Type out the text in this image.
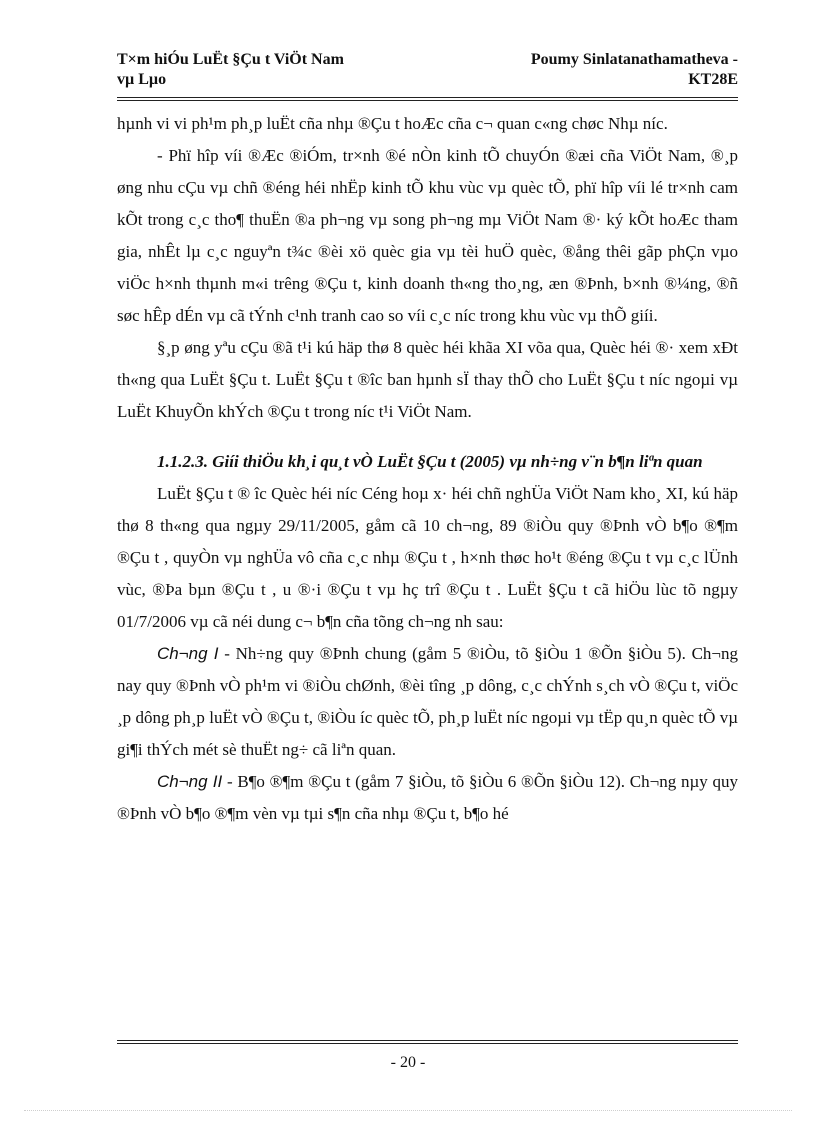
T×m hiÓu LuËt §Çu t ViÖt Nam
vµ Lµo
Poumy Sinlatanathamatheva -
KT28E

hµnh vi vi ph¹m ph¸p luËt cña nhµ ®Çu t hoÆc cña c¬ quan c«ng chøc Nhµ níc.

- Phï hîp víi ®Æc ®iÓm, tr×nh ®é nÒn kinh tÕ chuyÓn ®æi cña ViÖt Nam, ®¸p øng nhu cÇu vµ chñ ®éng héi nhËp kinh tÕ khu vùc vµ quèc tÕ, phï hîp víi lé tr×nh cam kÕt trong c¸c tho¶ thuËn ®a ph¬ng vµ song ph¬ng mµ ViÖt Nam ®· ký kÕt hoÆc tham gia, nhÊt lµ c¸c nguyªn t¾c ®èi xö quèc gia vµ tèi huÖ quèc, ®ång thêi gãp phÇn vµo viÖc h×nh thµnh m«i trêng ®Çu t, kinh doanh th«ng tho¸ng, æn ®Þnh, b×nh ®¼ng, ®ñ søc hÊp dÉn vµ cã tÝnh c¹nh tranh cao so víi c¸c níc trong khu vùc vµ thÕ giíi.

§¸p øng yªu cÇu ®ã t¹i kú häp thø 8 quèc héi khãa XI võa qua, Quèc héi ®· xem xÐt th«ng qua LuËt §Çu t. LuËt §Çu t ®îc ban hµnh sÏ thay thÕ cho LuËt §Çu t níc ngoµi vµ LuËt KhuyÕn khÝch ®Çu t trong níc t¹i ViÖt Nam.

1.1.2.3. Giíi thiÖu kh¸i qu¸t vÒ LuËt §Çu t (2005) vµ nh÷ng v¨n b¶n liªn quan

LuËt §Çu t ® îc Quèc héi níc Céng hoµ x· héi chñ nghÜa ViÖt Nam kho¸ XI, kú häp thø 8 th«ng qua ngµy 29/11/2005, gåm cã 10 ch¬ng, 89 ®iÒu quy ®Þnh vÒ b¶o ®¶m ®Çu t , quyÒn vµ nghÜa vô cña c¸c nhµ ®Çu t , h×nh thøc ho¹t ®éng ®Çu t vµ c¸c lÜnh vùc, ®Þa bµn ®Çu t , u ®·i ®Çu t vµ hç trî ®Çu t . LuËt §Çu t cã hiÖu lùc tõ ngµy 01/7/2006 vµ cã néi dung c¬ b¶n cña tõng ch¬ng nh sau:

Ch¬ng I - Nh÷ng quy ®Þnh chung (gåm 5 ®iÒu, tõ §iÒu 1 ®Õn §iÒu 5). Ch¬ng nay quy ®Þnh vÒ ph¹m vi ®iÒu chØnh, ®èi tîng ¸p dông, c¸c chÝnh s¸ch vÒ ®Çu t, viÖc ¸p dông ph¸p luËt vÒ ®Çu t, ®iÒu íc quèc tÕ, ph¸p luËt níc ngoµi vµ tËp qu¸n quèc tÕ vµ gi¶i thÝch mét sè thuËt ng÷ cã liªn quan.

Ch¬ng II - B¶o ®¶m ®Çu t (gåm 7 §iÒu, tõ §iÒu 6 ®Õn §iÒu 12). Ch¬ng nµy quy ®Þnh vÒ b¶o ®¶m vèn vµ tµi s¶n cña nhµ ®Çu t, b¶o hé

- 20 -
